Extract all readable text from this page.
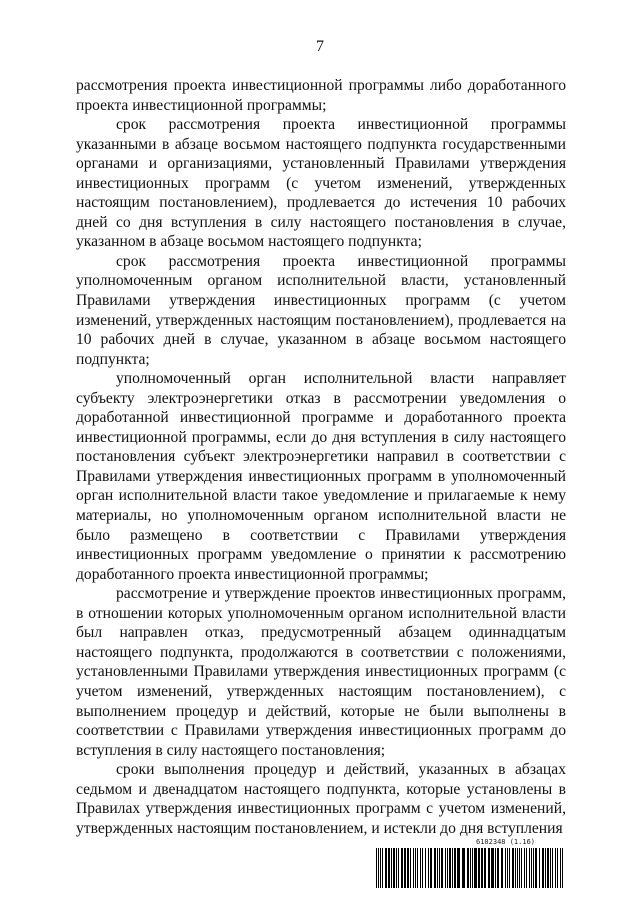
7

рассмотрения проекта инвестиционной программы либо доработанного проекта инвестиционной программы;

срок рассмотрения проекта инвестиционной программы указанными в абзаце восьмом настоящего подпункта государственными органами и организациями, установленный Правилами утверждения инвестиционных программ (с учетом изменений, утвержденных настоящим постановлением), продлевается до истечения 10 рабочих дней со дня вступления в силу настоящего постановления в случае, указанном в абзаце восьмом настоящего подпункта;

срок рассмотрения проекта инвестиционной программы уполномоченным органом исполнительной власти, установленный Правилами утверждения инвестиционных программ (с учетом изменений, утвержденных настоящим постановлением), продлевается на 10 рабочих дней в случае, указанном в абзаце восьмом настоящего подпункта;

уполномоченный орган исполнительной власти направляет субъекту электроэнергетики отказ в рассмотрении уведомления о доработанной инвестиционной программе и доработанного проекта инвестиционной программы, если до дня вступления в силу настоящего постановления субъект электроэнергетики направил в соответствии с Правилами утверждения инвестиционных программ в уполномоченный орган исполнительной власти такое уведомление и прилагаемые к нему материалы, но уполномоченным органом исполнительной власти не было размещено в соответствии с Правилами утверждения инвестиционных программ уведомление о принятии к рассмотрению доработанного проекта инвестиционной программы;

рассмотрение и утверждение проектов инвестиционных программ, в отношении которых уполномоченным органом исполнительной власти был направлен отказ, предусмотренный абзацем одиннадцатым настоящего подпункта, продолжаются в соответствии с положениями, установленными Правилами утверждения инвестиционных программ (с учетом изменений, утвержденных настоящим постановлением), с выполнением процедур и действий, которые не были выполнены в соответствии с Правилами утверждения инвестиционных программ до вступления в силу настоящего постановления;

сроки выполнения процедур и действий, указанных в абзацах седьмом и двенадцатом настоящего подпункта, которые установлены в Правилах утверждения инвестиционных программ с учетом изменений, утвержденных настоящим постановлением, и истекли до дня вступления

6102348 (1.16)
